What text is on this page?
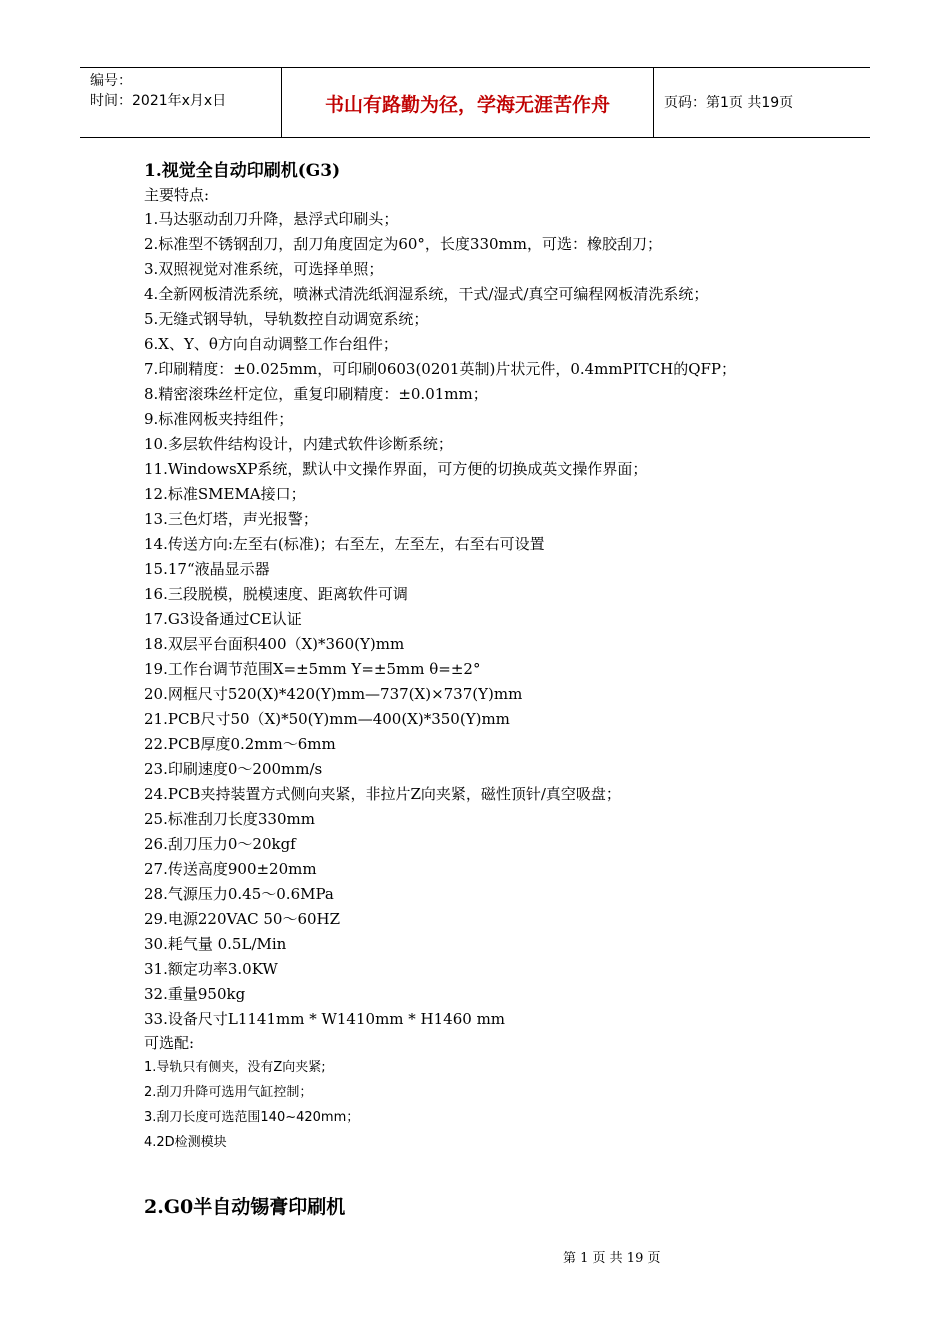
编号：
时间：2021年x月x日	书山有路勤为径，学海无涯苦作舟	页码：第1页 共19页
1.视觉全自动印刷机(G3)
主要特点:
1.马达驱动刮刀升降，悬浮式印刷头；
2.标准型不锈钢刮刀，刮刀角度固定为60°，长度330mm，可选：橡胶刮刀；
3.双照视觉对准系统，可选择单照；
4.全新网板清洗系统，喷淋式清洗纸润湿系统，干式/湿式/真空可编程网板清洗系统；
5.无缝式钢导轨，导轨数控自动调宽系统；
6.X、Y、θ方向自动调整工作台组件；
7.印刷精度：±0.025mm，可印刷0603(0201英制)片状元件，0.4mmPITCH的QFP；
8.精密滚珠丝杆定位，重复印刷精度：±0.01mm；
9.标准网板夹持组件；
10.多层软件结构设计，内建式软件诊断系统；
11.WindowsXP系统，默认中文操作界面，可方便的切换成英文操作界面；
12.标准SMEMA接口；
13.三色灯塔，声光报警；
14.传送方向:左至右(标准)；右至左，左至左，右至右可设置
15.17“液晶显示器
16.三段脱模，脱模速度、距离软件可调
17.G3设备通过CE认证
18.双层平台面积400（X)*360(Y)mm
19.工作台调节范围X=±5mm Y=±5mm θ=±2°
20.网框尺寸520(X)*420(Y)mm—737(X)×737(Y)mm
21.PCB尺寸50（X)*50(Y)mm—400(X)*350(Y)mm
22.PCB厚度0.2mm～6mm
23.印刷速度0～200mm/s
24.PCB夹持装置方式侧向夹紧，非拉片Z向夹紧，磁性顶针/真空吸盘；
25.标准刮刀长度330mm
26.刮刀压力0～20kgf
27.传送高度900±20mm
28.气源压力0.45～0.6MPa
29.电源220VAC 50～60HZ
30.耗气量 0.5L/Min
31.额定功率3.0KW
32.重量950kg
33.设备尺寸L1141mm * W1410mm * H1460 mm
可选配:
1.导轨只有侧夹，没有Z向夹紧;
2.刮刀升降可选用气缸控制；
3.刮刀长度可选范围140~420mm；
4.2D检测模块
2.G0半自动锡膏印刷机
第 1 页 共 19 页
